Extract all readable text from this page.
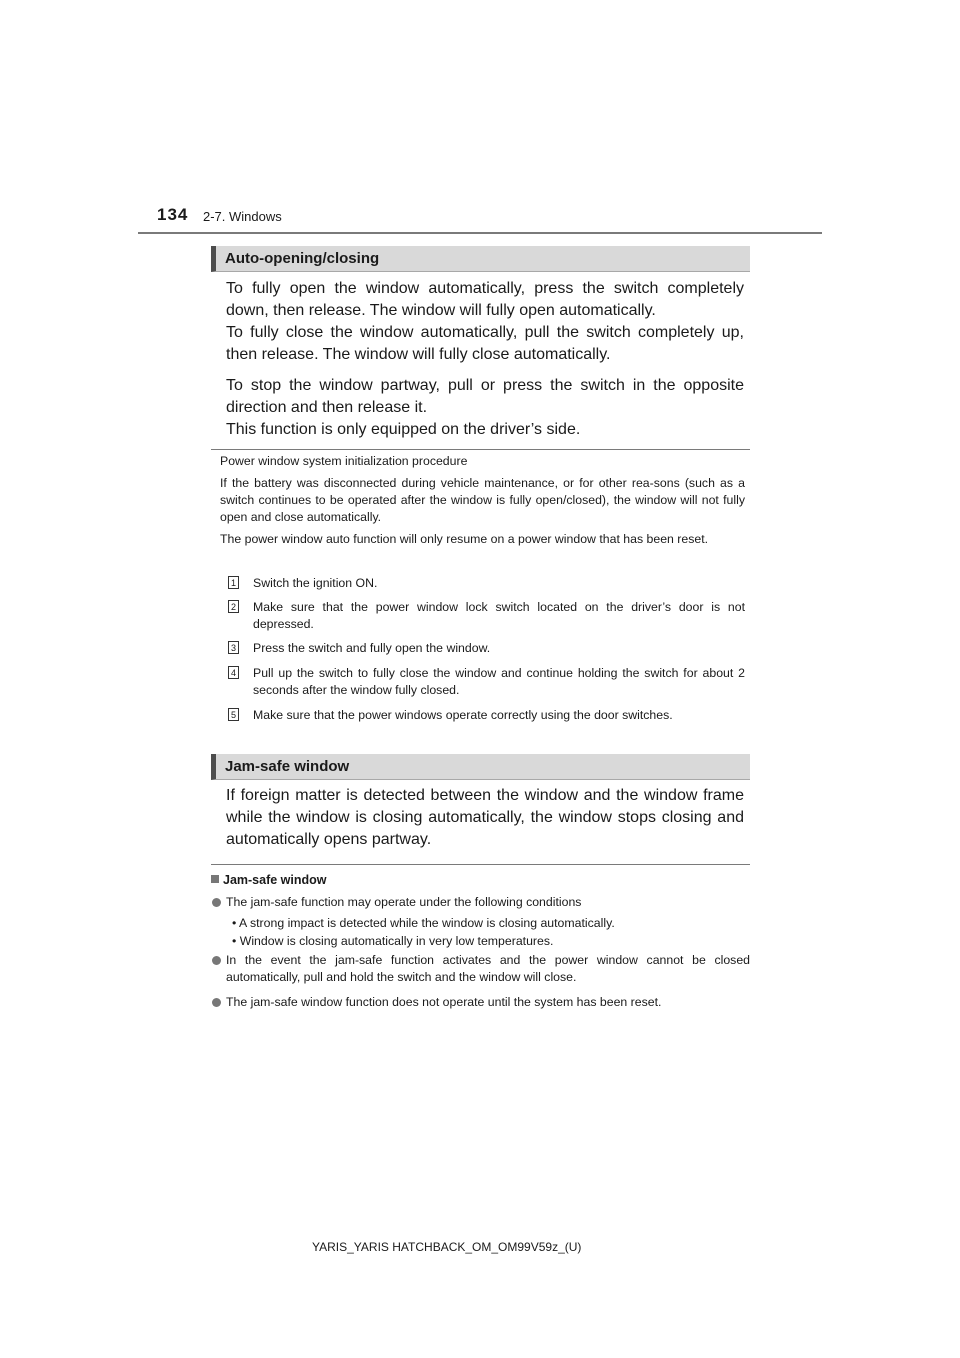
134 2-7. Windows
Auto-opening/closing

To fully open the window automatically, press the switch completely down, then release. The window will fully open automatically.

To fully close the window automatically, pull the switch completely up, then release. The window will fully close automatically.

To stop the window partway, pull or press the switch in the opposite direction and then release it.

This function is only equipped on the driver’s side.

Power window system initialization procedure

If the battery was disconnected during vehicle maintenance, or for other rea-sons (such as a switch continues to be operated after the window is fully open/closed), the window will not fully open and close automatically.

The power window auto function will only resume on a power window that has been reset.

1 Switch the ignition ON.
2 Make sure that the power window lock switch located on the driver’s door is not depressed.
3 Press the switch and fully open the window.
4 Pull up the switch to fully close the window and continue holding the switch for about 2 seconds after the window fully closed.
5 Make sure that the power windows operate correctly using the door switches.
Jam-safe window

If foreign matter is detected between the window and the window frame while the window is closing automatically, the window stops closing and automatically opens partway.

Jam-safe window
The jam-safe function may operate under the following conditions
• A strong impact is detected while the window is closing automatically.
• Window is closing automatically in very low temperatures.
In the event the jam-safe function activates and the power window cannot be closed automatically, pull and hold the switch and the window will close.
The jam-safe window function does not operate until the system has been reset.
YARIS_YARIS HATCHBACK_OM_OM99V59z_(U)
